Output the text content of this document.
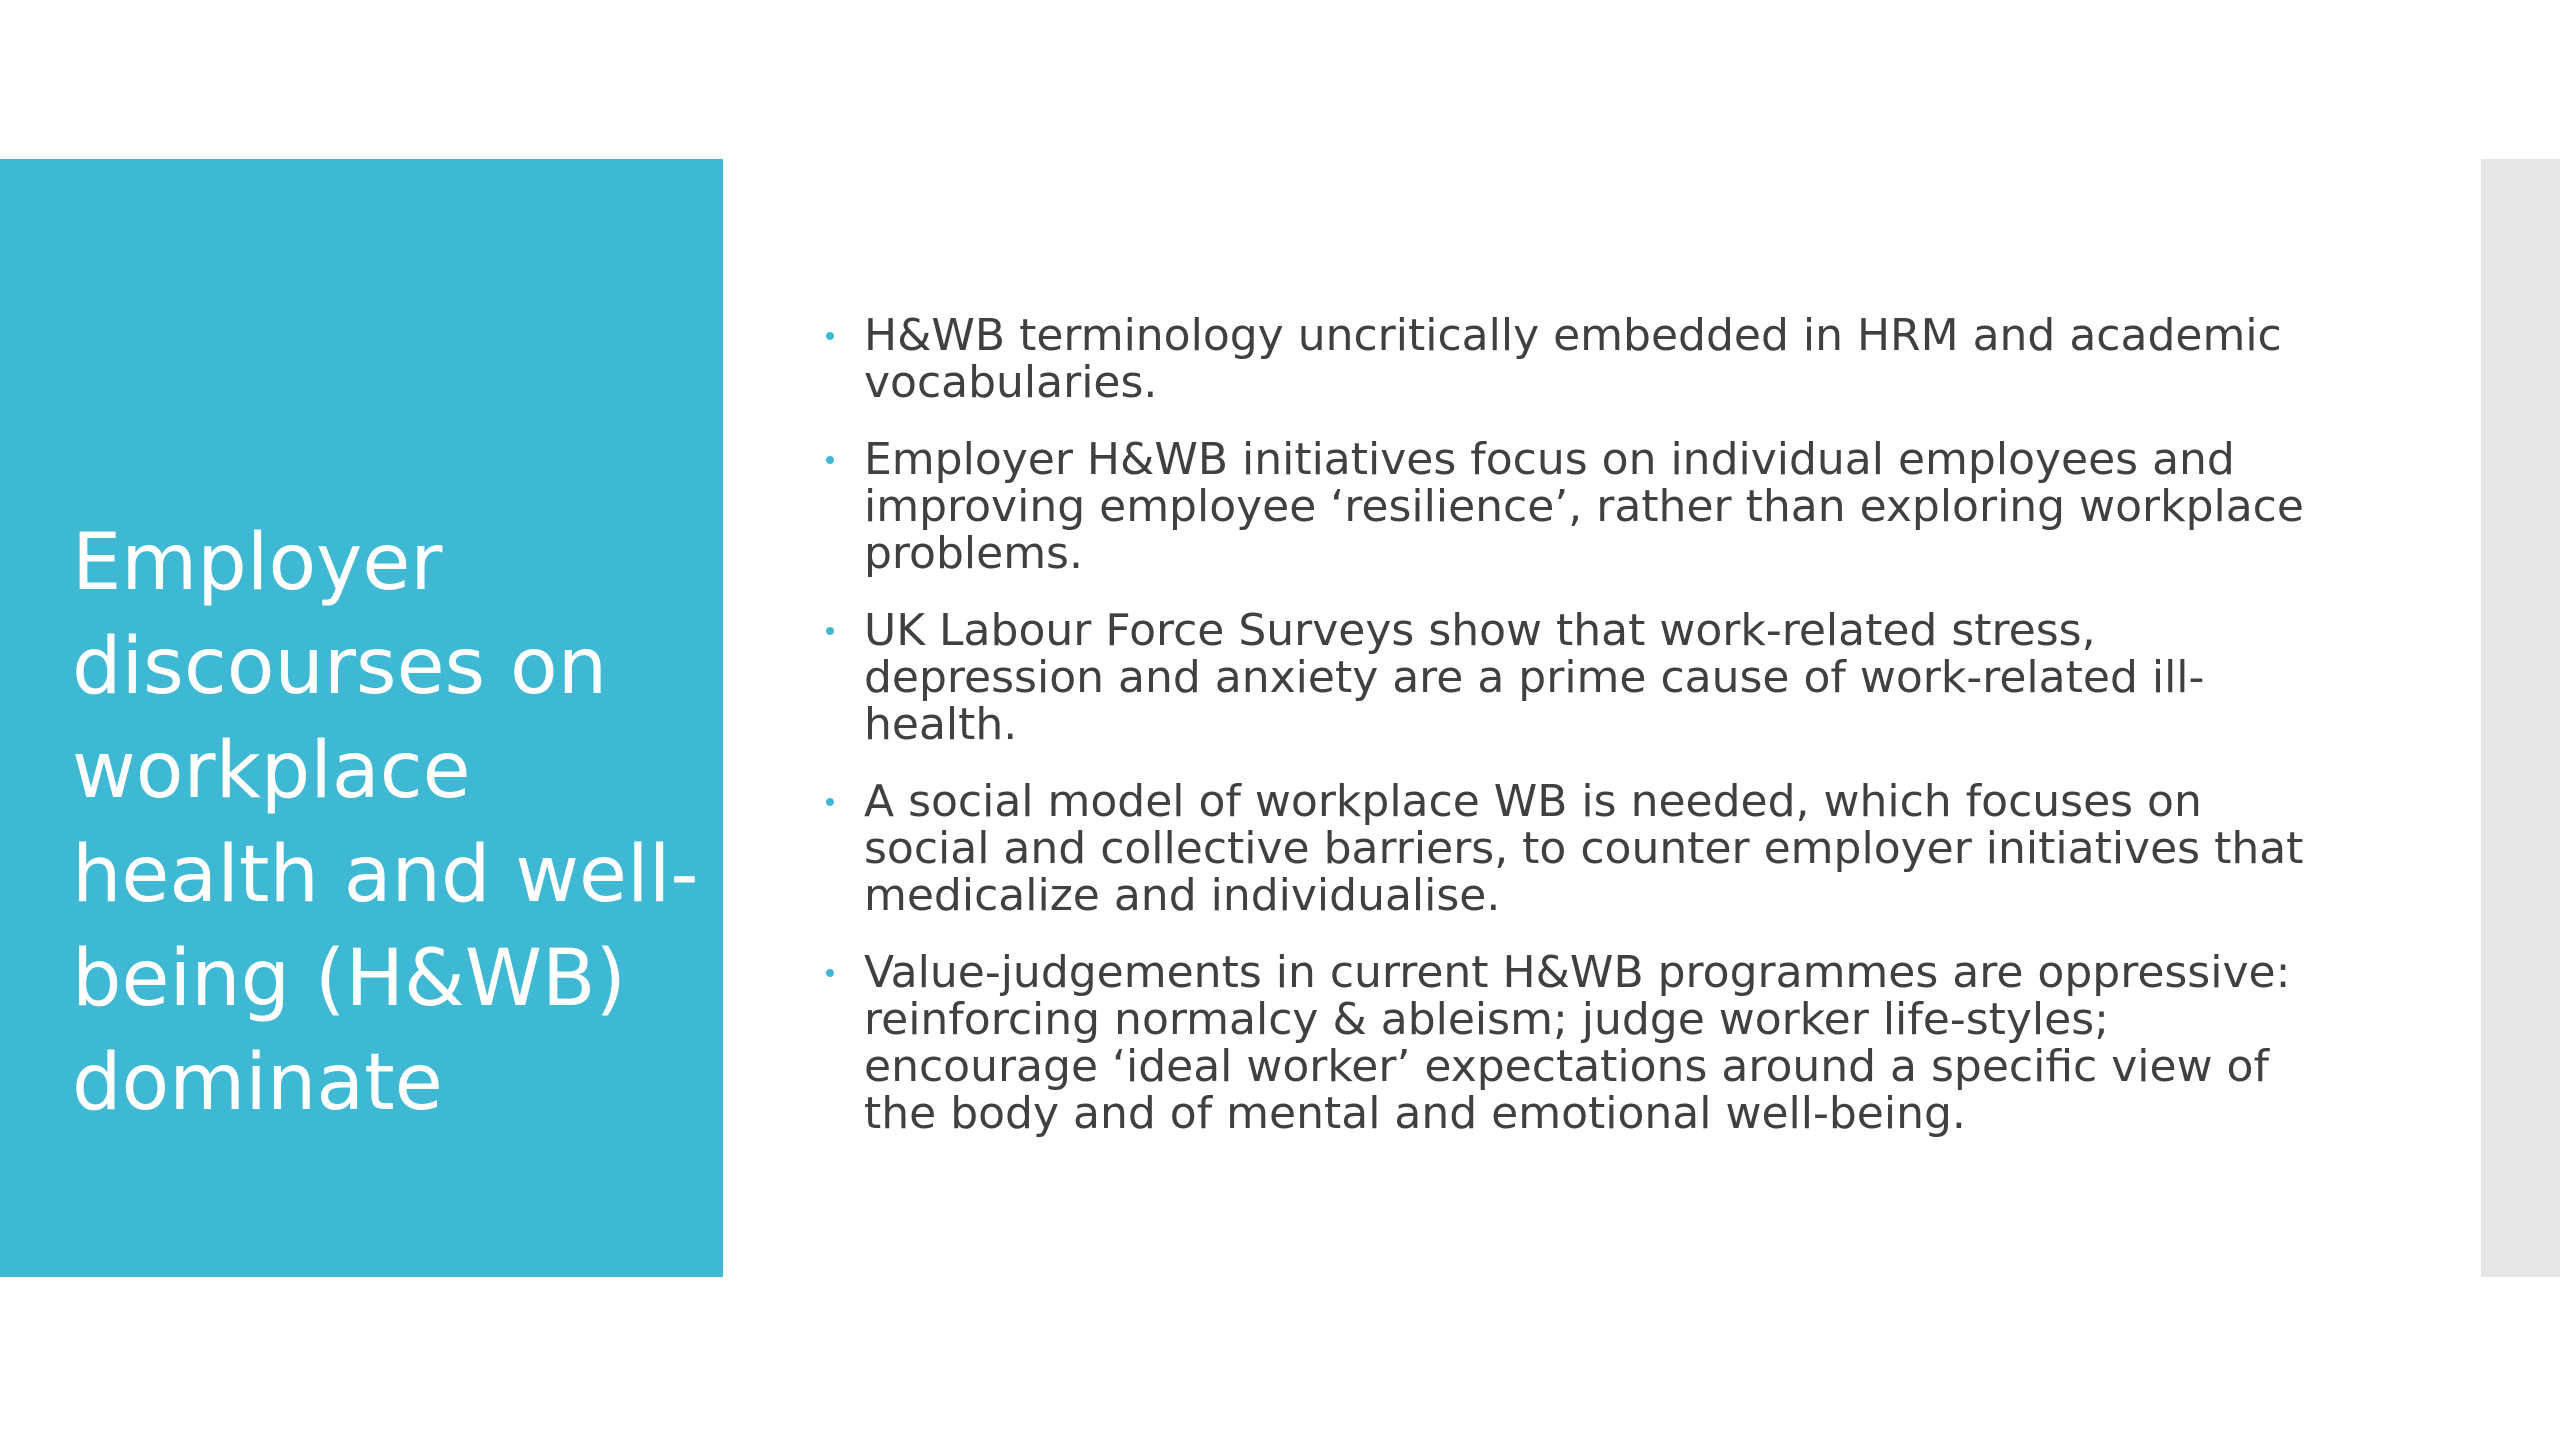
Employer discourses on workplace health and well-being (H&WB) dominate
H&WB terminology uncritically embedded in HRM and academic vocabularies.
Employer H&WB initiatives focus on individual employees and improving employee ‘resilience’, rather than exploring workplace problems.
UK Labour Force Surveys show that work-related stress, depression and anxiety are a prime cause of work-related ill-health.
A social model of workplace WB is needed, which focuses on social and collective barriers, to counter employer initiatives that medicalize and individualise.
Value-judgements in current H&WB programmes are oppressive: reinforcing normalcy & ableism; judge worker life-styles; encourage ‘ideal worker’ expectations around a specific view of the body and of mental and emotional well-being.
